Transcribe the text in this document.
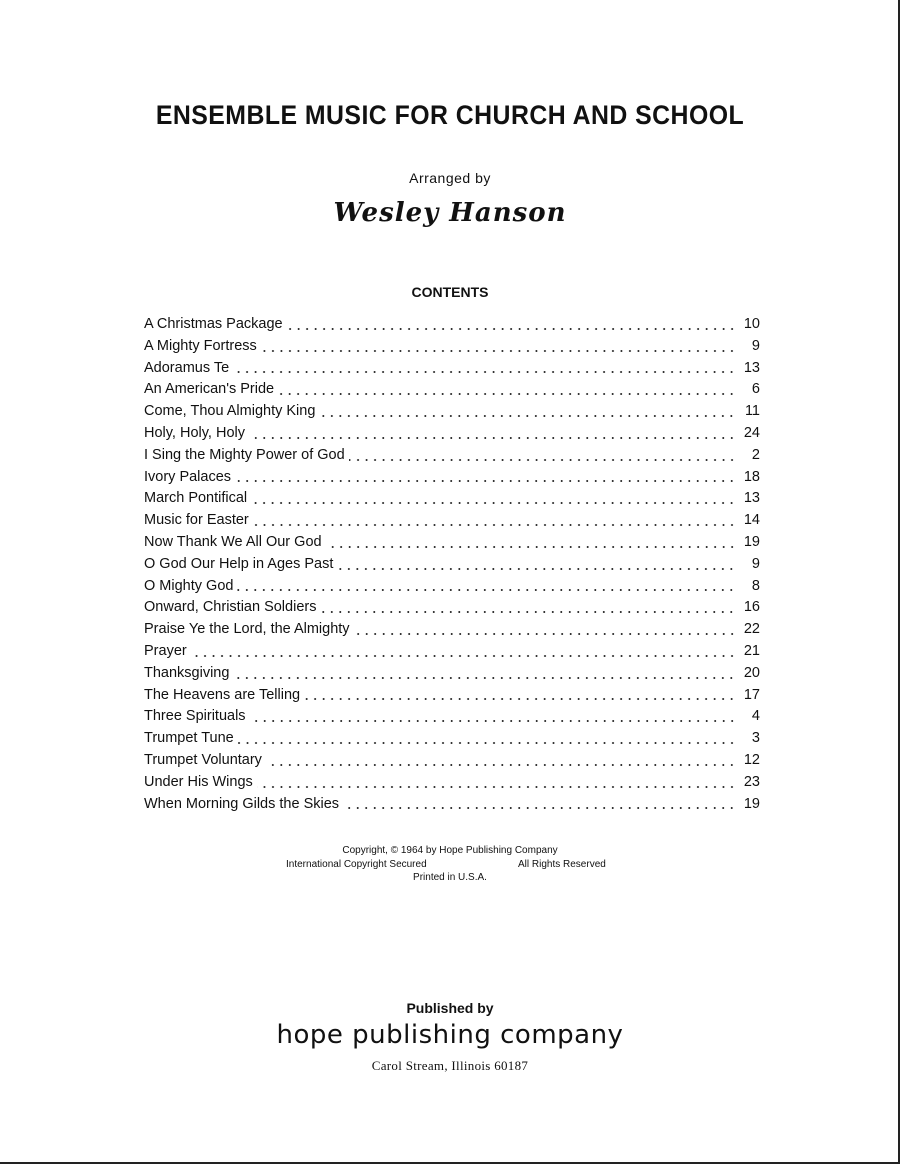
ENSEMBLE MUSIC FOR CHURCH AND SCHOOL
Arranged by
Wesley Hanson
CONTENTS
A Christmas Package	10
A Mighty Fortress	9
Adoramus Te	13
An American's Pride	6
Come, Thou Almighty King	11
Holy, Holy, Holy	24
I Sing the Mighty Power of God	2
Ivory Palaces	18
March Pontifical	13
Music for Easter	14
Now Thank We All Our God	19
O God Our Help in Ages Past	9
O Mighty God	8
Onward, Christian Soldiers	16
Praise Ye the Lord, the Almighty	22
Prayer	21
Thanksgiving	20
The Heavens are Telling	17
Three Spirituals	4
Trumpet Tune	3
Trumpet Voluntary	12
Under His Wings	23
When Morning Gilds the Skies	19
Copyright, © 1964 by Hope Publishing Company
International Copyright Secured	All Rights Reserved
Printed in U.S.A.
Published by
hope publishing company
Carol Stream, Illinois 60187
